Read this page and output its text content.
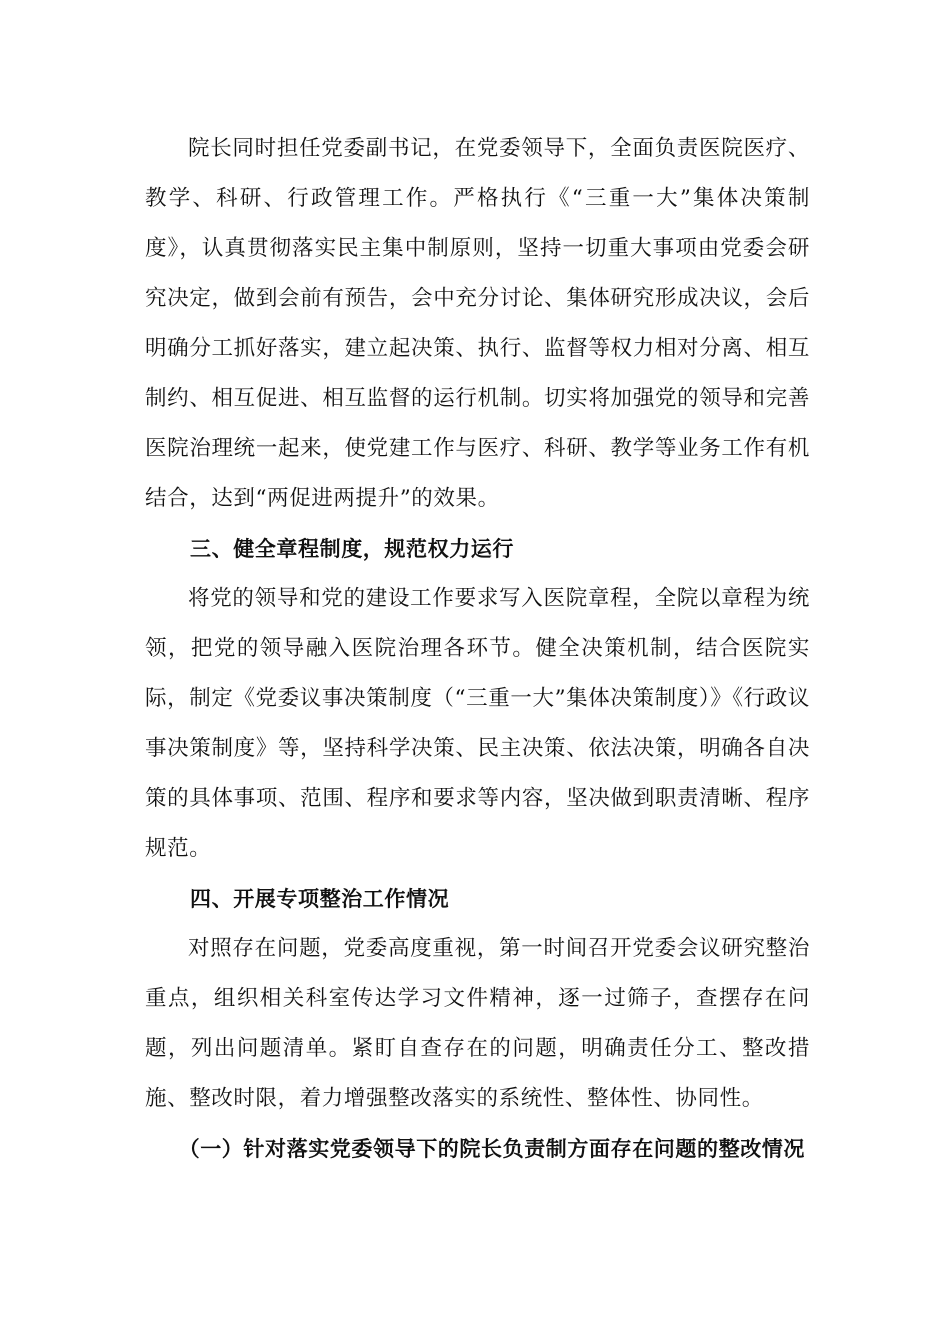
院长同时担任党委副书记，在党委领导下，全面负责医院医疗、教学、科研、行政管理工作。严格执行《“三重一大”集体决策制度》，认真贯彻落实民主集中制原则，坚持一切重大事项由党委会研究决定，做到会前有预告，会中充分讨论、集体研究形成决议，会后明确分工抓好落实，建立起决策、执行、监督等权力相对分离、相互制约、相互促进、相互监督的运行机制。切实将加强党的领导和完善医院治理统一起来，使党建工作与医疗、科研、教学等业务工作有机结合，达到“两促进两提升”的效果。

三、健全章程制度，规范权力运行

将党的领导和党的建设工作要求写入医院章程，全院以章程为统领，把党的领导融入医院治理各环节。健全决策机制，结合医院实际，制定《党委议事决策制度（“三重一大”集体决策制度）》《行政议事决策制度》等，坚持科学决策、民主决策、依法决策，明确各自决策的具体事项、范围、程序和要求等内容，坚决做到职责清晰、程序规范。

四、开展专项整治工作情况

对照存在问题，党委高度重视，第一时间召开党委会议研究整治重点，组织相关科室传达学习文件精神，逐一过筛子，查摆存在问题，列出问题清单。紧盯自查存在的问题，明确责任分工、整改措施、整改时限，着力增强整改落实的系统性、整体性、协同性。

（一）针对落实党委领导下的院长负责制方面存在问题的整改情况
